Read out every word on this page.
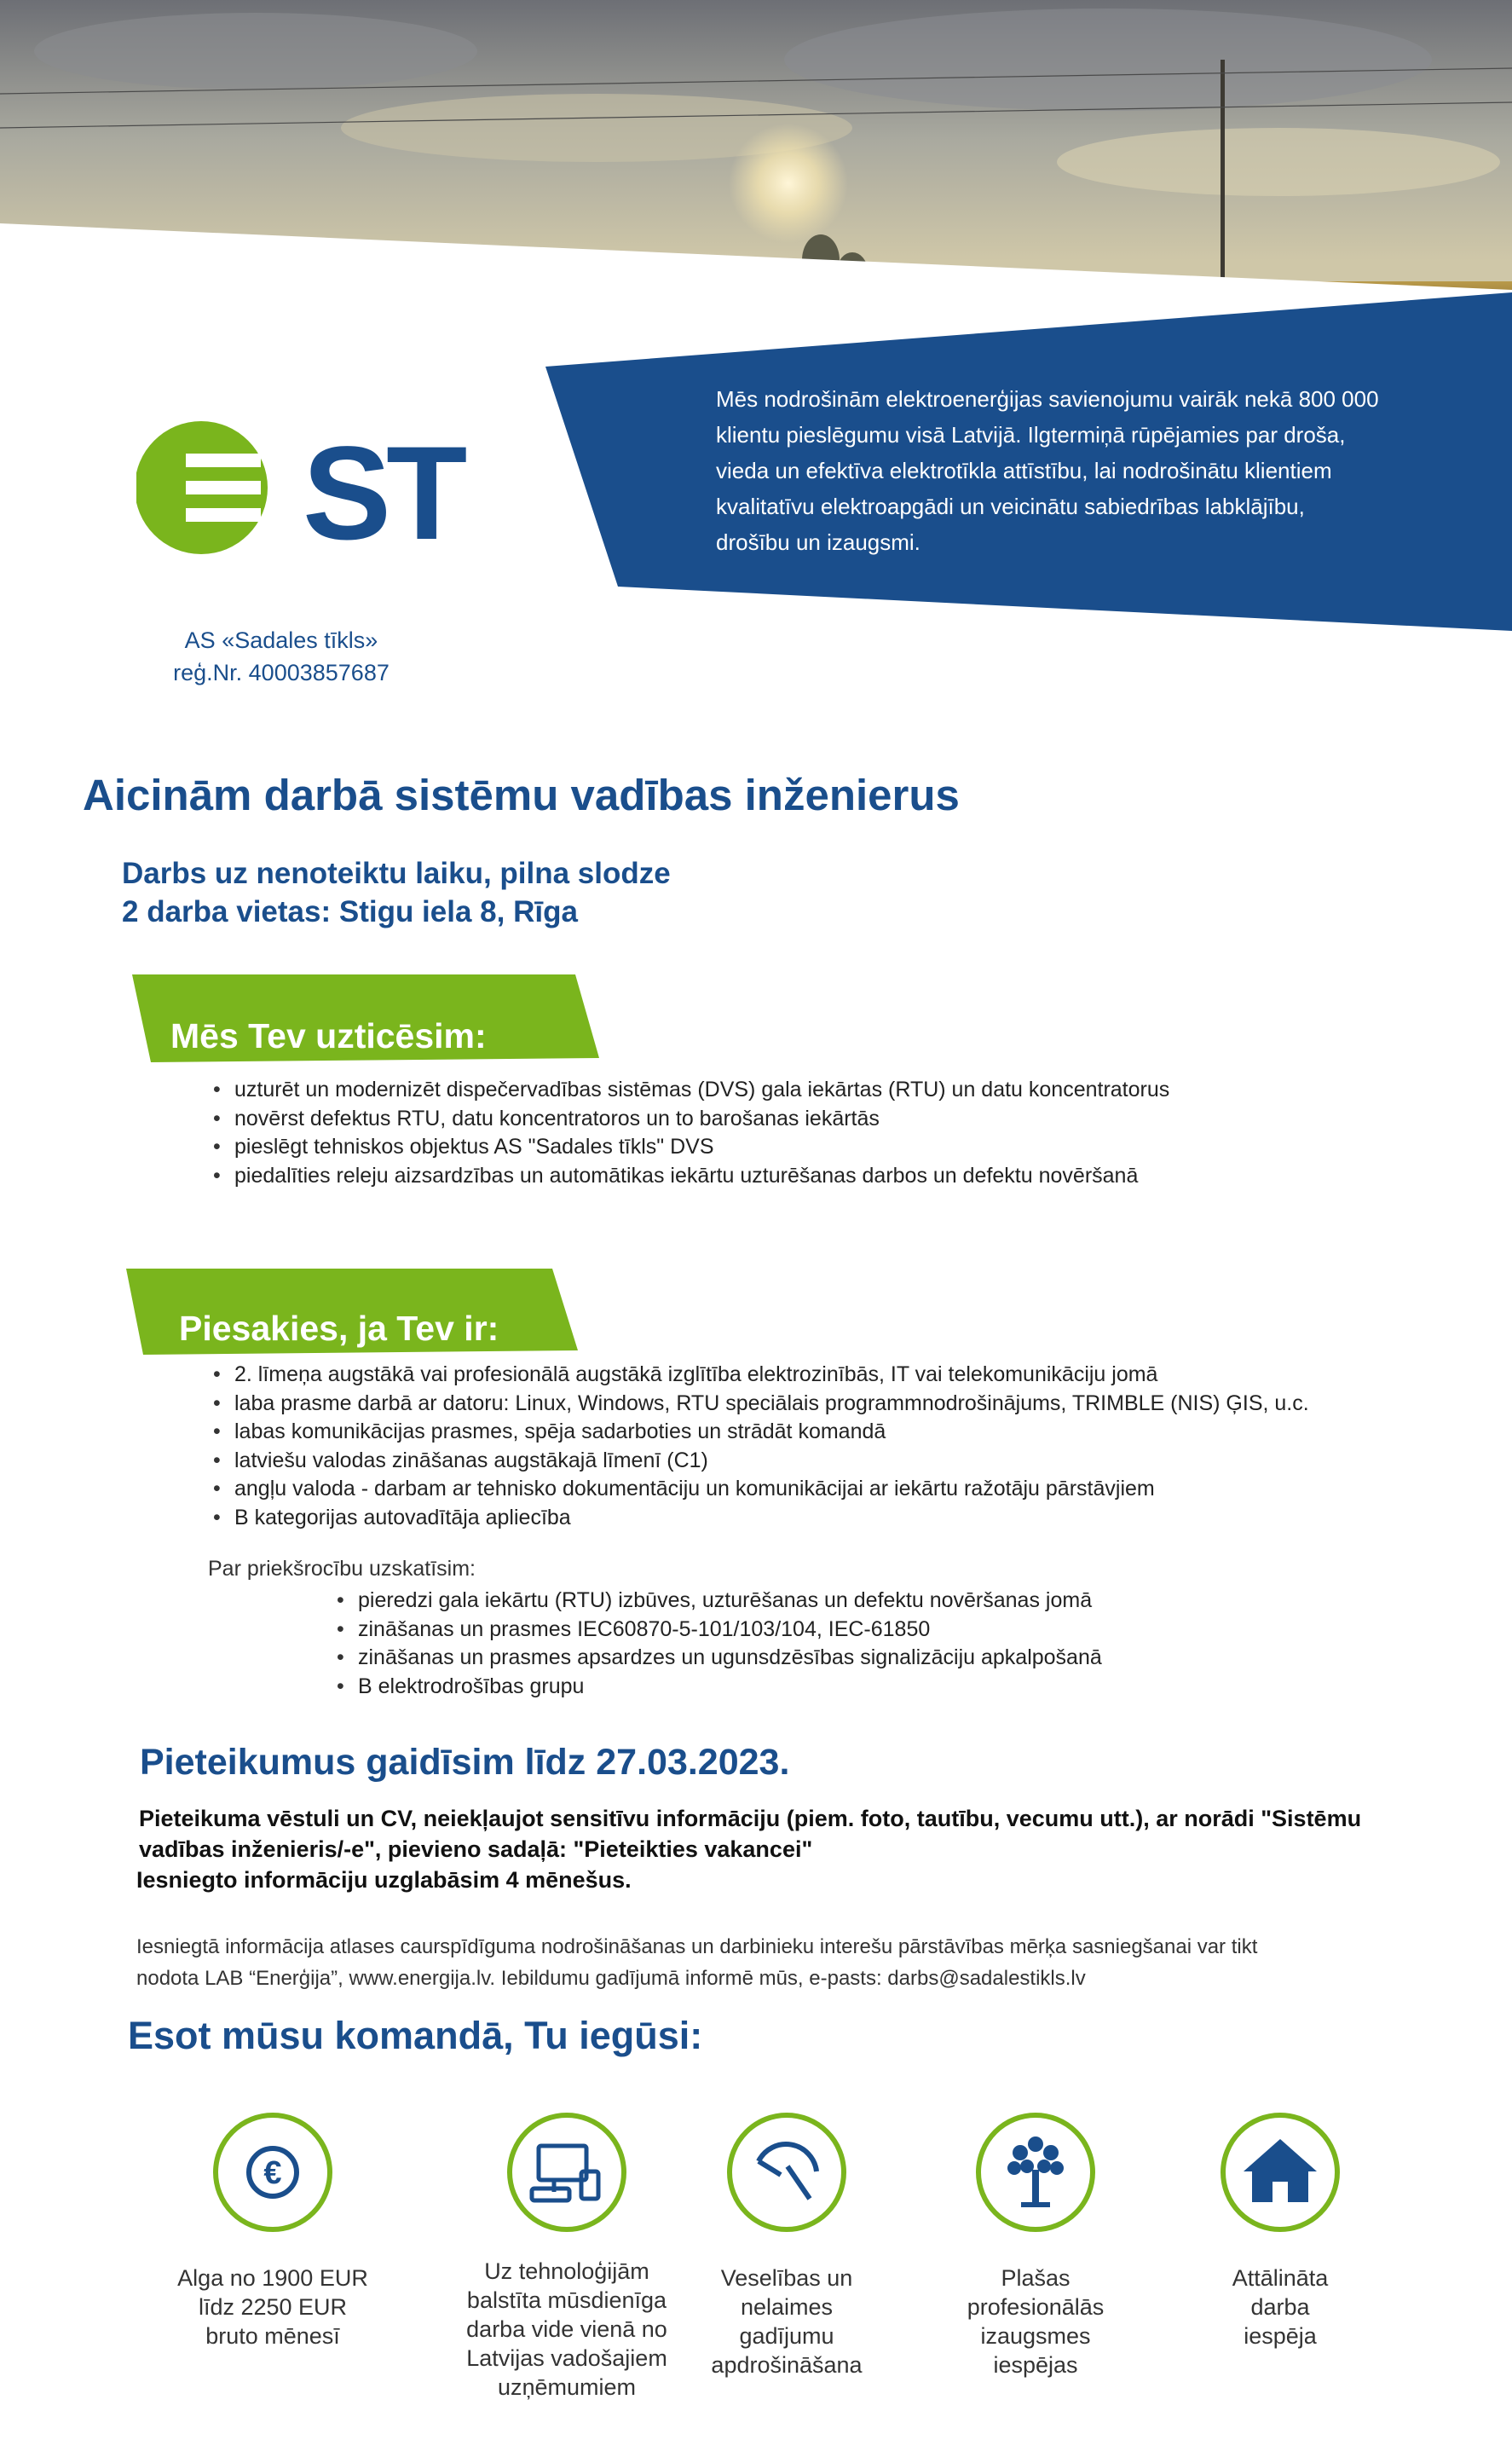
Mēs nodrošinām elektroenerģijas savienojumu vairāk nekā 800 000
klientu pieslēgumu visā Latvijā. Ilgtermiņā rūpējamies par droša,
vieda un efektīva elektrotīkla attīstību, lai nodrošinātu klientiem
kvalitatīvu elektroapgādi un veicinātu sabiedrības labklājību,
drošību un izaugsmi.
ST
AS «Sadales tīkls»
reģ.Nr. 40003857687
Aicinām darbā sistēmu vadības inženierus
Darbs uz nenoteiktu laiku, pilna slodze
2 darba vietas: Stigu iela 8, Rīga
Mēs Tev uzticēsim:
• uzturēt un modernizēt dispečervadības sistēmas (DVS) gala iekārtas (RTU) un datu koncentratorus
• novērst defektus RTU, datu koncentratoros un to barošanas iekārtās
• pieslēgt tehniskos objektus AS "Sadales tīkls" DVS
• piedalīties releju aizsardzības un automātikas iekārtu uzturēšanas darbos un defektu novēršanā
Piesakies, ja Tev ir:
• 2. līmeņa augstākā vai profesionālā augstākā izglītība elektrozinībās, IT vai telekomunikāciju jomā
• laba prasme darbā ar datoru: Linux, Windows, RTU speciālais programmnodrošinājums, TRIMBLE (NIS) ĢIS, u.c.
• labas komunikācijas prasmes, spēja sadarboties un strādāt komandā
• latviešu valodas zināšanas augstākajā līmenī (C1)
• angļu valoda - darbam ar tehnisko dokumentāciju un komunikācijai ar iekārtu ražotāju pārstāvjiem
• B kategorijas autovadītāja apliecība
Par priekšrocību uzskatīsim:
• pieredzi gala iekārtu (RTU) izbūves, uzturēšanas un defektu novēršanas jomā
• zināšanas un prasmes IEC60870-5-101/103/104, IEC-61850
• zināšanas un prasmes apsardzes un ugunsdzēsības signalizāciju apkalpošanā
• B elektrodrošības grupu
Pieteikumus gaidīsim līdz 27.03.2023.
Pieteikuma vēstuli un CV, neiekļaujot sensitīvu informāciju (piem. foto, tautību, vecumu utt.), ar norādi "Sistēmu
vadības inženieris/-e", pievieno sadaļā: "Pieteikties vakancei"
Iesniegto informāciju uzglabāsim 4 mēnešus.
Iesniegtā informācija atlases caurspīdīguma nodrošināšanas un darbinieku interešu pārstāvības mērķa sasniegšanai var tikt
nodota LAB “Enerģija”, www.energija.lv. Iebildumu gadījumā informē mūs, e-pasts: darbs@sadalestikls.lv
Esot mūsu komandā, Tu iegūsi:
€
Alga no 1900 EUR
līdz 2250 EUR
bruto mēnesī
Uz tehnoloģijām
balstīta mūsdienīga
darba vide vienā no
Latvijas vadošajiem
uzņēmumiem
Veselības un
nelaimes
gadījumu
apdrošināšana
Plašas
profesionālās
izaugsmes
iespējas
Attālināta
darba
iespēja
